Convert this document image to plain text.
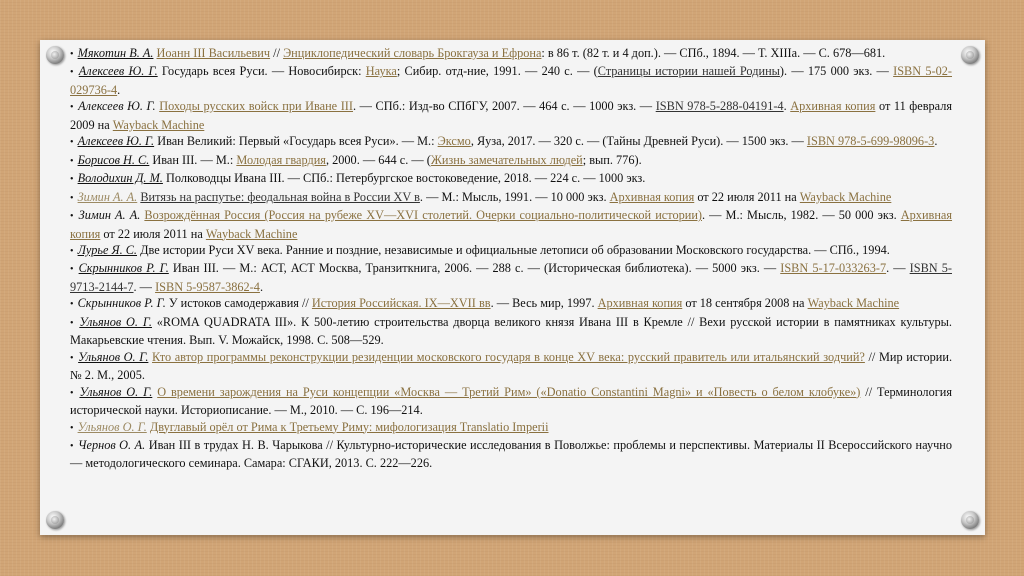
• Мякотин В. А. Иоанн III Васильевич // Энциклопедический словарь Брокгауза и Ефрона: в 86 т. (82 т. и 4 доп.). — СПб., 1894. — Т. XIIIa. — С. 678—681.
• Алексеев Ю. Г. Государь всея Руси. — Новосибирск: Наука; Сибир. отд-ние, 1991. — 240 с. — (Страницы истории нашей Родины). — 175 000 экз. — ISBN 5-02-029736-4.
• Алексеев Ю. Г. Походы русских войск при Иване III. — СПб.: Изд-во СПбГУ, 2007. — 464 с. — 1000 экз. — ISBN 978-5-288-04191-4. Архивная копия от 11 февраля 2009 на Wayback Machine
• Алексеев Ю. Г. Иван Великий: Первый «Государь всея Руси». — М.: Эксмо, Яуза, 2017. — 320 с. — (Тайны Древней Руси). — 1500 экз. — ISBN 978-5-699-98096-3.
• Борисов Н. С. Иван III. — М.: Молодая гвардия, 2000. — 644 с. — (Жизнь замечательных людей; вып. 776).
• Володихин Д. М. Полководцы Ивана III. — СПб.: Петербургское востоковедение, 2018. — 224 с. — 1000 экз.
• Зимин А. А. Витязь на распутье: феодальная война в России XV в. — М.: Мысль, 1991. — 10 000 экз. Архивная копия от 22 июля 2011 на Wayback Machine
• Зимин А. А. Возрождённая Россия (Россия на рубеже XV—XVI столетий. Очерки социально-политической истории). — М.: Мысль, 1982. — 50 000 экз. Архивная копия от 22 июля 2011 на Wayback Machine
• Лурье Я. С. Две истории Руси XV века. Ранние и поздние, независимые и официальные летописи об образовании Московского государства. — СПб., 1994.
• Скрынников Р. Г. Иван III. — М.: АСТ, АСТ Москва, Транзиткнига, 2006. — 288 с. — (Историческая библиотека). — 5000 экз. — ISBN 5-17-033263-7. — ISBN 5-9713-2144-7. — ISBN 5-9587-3862-4.
• Скрынников Р. Г. У истоков самодержавия // История Российская. IX—XVII вв. — Весь мир, 1997. Архивная копия от 18 сентября 2008 на Wayback Machine
• Ульянов О. Г. «ROMA QUADRATA III». К 500-летию строительства дворца великого князя Ивана III в Кремле // Вехи русской истории в памятниках культуры. Макарьевские чтения. Вып. V. Можайск, 1998. С. 508—529.
• Ульянов О. Г. Кто автор программы реконструкции резиденции московского государя в конце XV века: русский правитель или итальянский зодчий? // Мир истории. № 2. М., 2005.
• Ульянов О. Г. О времени зарождения на Руси концепции «Москва — Третий Рим» («Donatio Constantini Magni» и «Повесть о белом клобуке») // Терминология исторической науки. Историописание. — М., 2010. — С. 196—214.
• Ульянов О. Г. Двуглавый орёл от Рима к Третьему Риму: мифологизация Translatio Imperii
• Чернов О. А. Иван III в трудах Н. В. Чарыкова // Культурно-исторические исследования в Поволжье: проблемы и перспективы. Материалы II Всероссийского научно — методологического семинара. Самара: СГАКИ, 2013. С. 222—226.
